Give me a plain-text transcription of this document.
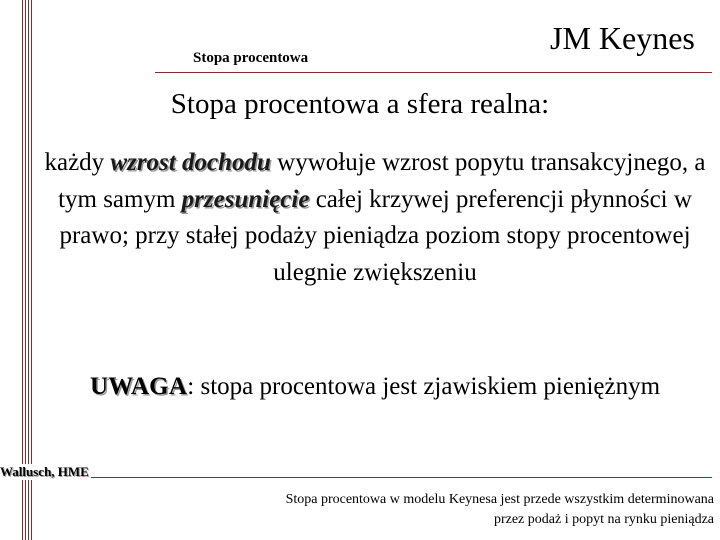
Stopa procentowa
JM Keynes
Stopa procentowa a sfera realna:
każdy wzrost dochodu wywołuje wzrost popytu transakcyjnego, a tym samym przesunięcie całej krzywej preferencji płynności w prawo; przy stałej podaży pieniądza poziom stopy procentowej ulegnie zwiększeniu
UWAGA: stopa procentowa jest zjawiskiem pieniężnym
Wallusch, HME
Stopa procentowa w modelu Keynesa jest przede wszystkim determinowana
przez podaż i popyt na rynku pieniądza
